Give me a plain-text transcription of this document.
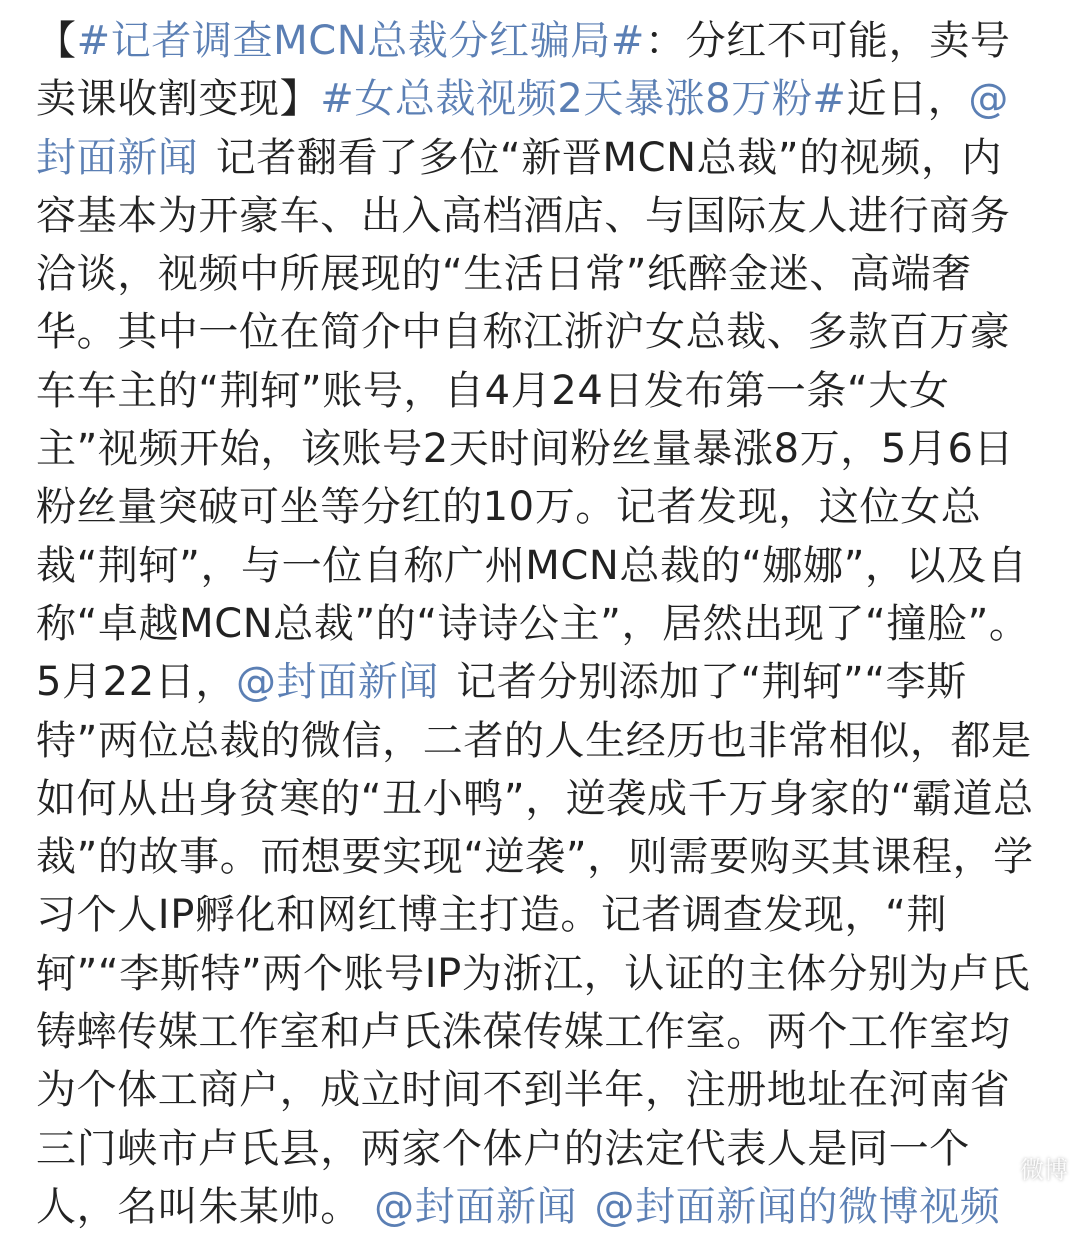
【#记者调查MCN总裁分红骗局#：分红不可能，卖号卖课收割变现】#女总裁视频2天暴涨8万粉#近日，@封面新闻 记者翻看了多位“新晋MCN总裁”的视频，内容基本为开豪车、出入高档酒店、与国际友人进行商务洽谈，视频中所展现的“生活日常”纸醉金迷、高端奢华。其中一位在简介中自称江浙沪女总裁、多款百万豪车车主的“荆轲”账号，自4月24日发布第一条“大女主”视频开始，该账号2天时间粉丝量暴涨8万，5月6日粉丝量突破可坐等分红的10万。记者发现，这位女总裁“荆轲”，与一位自称广州MCN总裁的“娜娜”，以及自称“卓越MCN总裁”的“诗诗公主”，居然出现了“撞脸”。5月22日，@封面新闻 记者分别添加了“荆轲”“李斯特”两位总裁的微信，二者的人生经历也非常相似，都是如何从出身贫寒的“丑小鸭”，逆袭成千万身家的“霸道总裁”的故事。而想要实现“逆袭”，则需要购买其课程，学习个人IP孵化和网红博主打造。记者调查发现，“荆轲”“李斯特”两个账号IP为浙江，认证的主体分别为卢氏铸蟀传媒工作室和卢氏洙葆传媒工作室。两个工作室均为个体工商户，成立时间不到半年，注册地址在河南省三门峡市卢氏县，两家个体户的法定代表人是同一个人，名叫朱某帅。 @封面新闻 @封面新闻的微博视频
微博
